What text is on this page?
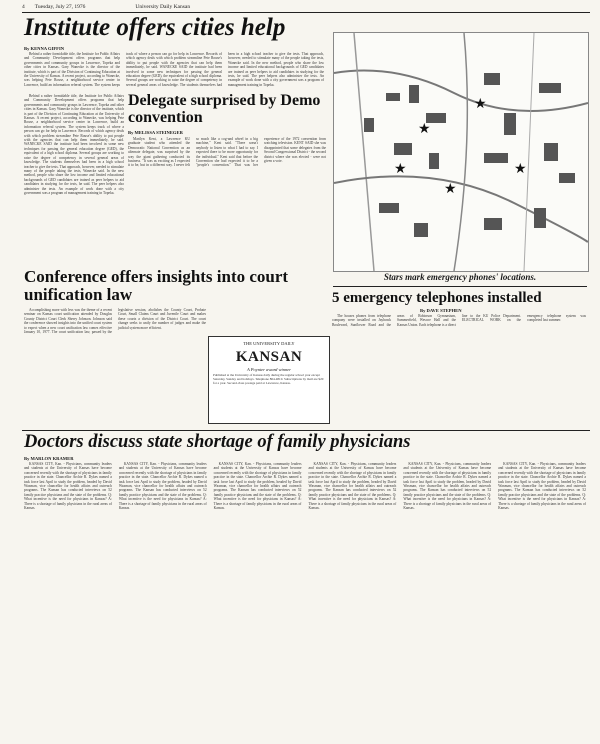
4 Tuesday, July 27, 1976	University Daily Kansan
Institute offers cities help
By KENNA GIFFIN

Behind a rather formidable title, the Institute for Public Affairs and Community Development offers programs that help governments and community groups in Lawrence, Topeka and other cities in Kansas. Gary Wanecke is the director of the institute, which is part of the Division of Continuing Education at the University of Kansas. A recent project, according to Wanecke, was helping Pete Rouse, a neighborhood service center in Lawrence, build an information referral system. The system keeps track of where a person can go for help in Lawrence. Records of which agency deals with which problem streamline Pete Rouse's ability to put people with the agencies that can help them immediately, he said. WANECKE SAID the institute had been involved in some new techniques for passing the general education degree (GED), the equivalent of a high school diploma. Several groups are working to raise the degree of competency in several general areas of knowledge. The students themselves had been in a high school teacher to give the tests. That approach, however, needed to stimulate many of the people taking the tests, Wanecke said. In the new method, people who share the low income and limited educational backgrounds of GED candidates are trained as peer helpers to aid candidates in studying for the tests, he said. The peer helpers also administer the tests. An example of work done with a city government was a program of management training in Topeka.

Delegate surprised by Demo convention
By MELISSA STEINEGER

Behind a rather formidable title, the Institute for Public Affairs and Community Development offers programs that help governments and community groups in Lawrence, Topeka and other cities in Kansas. Gary Wanecke is the director of the institute, which is part of the Division of Continuing Education at the University of Kansas. A recent project, according to Wanecke, was helping Pete Rouse, a neighborhood service center in Lawrence, build an information referral system. The system keeps track of where a person can go for help in Lawrence. Records of which agency deals with which problem streamline Pete Rouse's ability to put people with the agencies that can help them immediately, he said. WANECKE SAID the institute had been involved in some new techniques for passing the general education degree (GED), the equivalent of a high school diploma. Several groups are working to raise the degree of competency in several general areas of knowledge. The students themselves had been in a high school teacher to give the tests. That approach, however, needed to stimulate many of the people taking the tests, Wanecke said. In the new method, people who share the low income and limited educational backgrounds of GED candidates are trained as peer helpers to aid candidates in studying for the tests, he said. The peer helpers also administer the tests. An example of work done with a city government was a program of management training in Topeka.

Marilyn Kent, a Lawrence KU graduate student who attended the Democratic National Convention as an alternate delegate, was surprised by the way the giant gathering conducted its business. "It was as exciting as I expected it to be, but in a different way. I never felt so much like a cog-and wheel in a big machine," Kent said. "There wasn't anybody to listen to what I had to say. I expected there to be more opportunity for the individual." Kent said that before the Convention she had expected it to be a "people's convention." That was her experience of the 1972 convention from watching television. KENT SAID she was disappointed that some delegates from the Second Congressional District - the second district where she was elected - were not given a vote.

★
★
★
★
★
Stars mark emergency phones' locations.
Conference offers insights into court unification law

Accomplishing more with less was the theme of a recent seminar on Kansas court unification attended by Douglas County District Court Clerk Sherry Johnson. Johnson said the conference showed insights into the unified court system to expect when a new court unification law comes effective January 10, 1977. The court unification law, passed by the legislative session, abolishes the County Court, Probate Court, Small Claims Court and Juvenile Court and makes these courts a division of the District Court. The court change seeks to unify the number of judges and make the judicial system more efficient.

THE UNIVERSITY DAILY
KANSAN
A Poynter award winner
Published at the University of Kansas daily during the regular school year except Saturday, Sunday and holidays. Telephone 864-4810. Subscriptions by mail are $20 for a year. Second-class postage paid at Lawrence, Kansas.
5 emergency telephones installed
By DAVE STEPHEN

The houses phones from telephone company were installed on Jayhawk Boulevard, Sunflower Road and the areas of Robinson Gymnasium, Summerfield, Wescoe Hall and the Kansas Union. Each telephone is a direct line to the KU Police Department. ELECTRICAL WORK on the emergency telephone system was completed last summer.

Doctors discuss state shortage of family physicians
By MARLON KRAMER

KANSAS CITY, Kan. - Physicians, community leaders and students at the University of Kansas have become concerned recently with the shortage of physicians in family practice in the state. Chancellor Archie R. Dykes named a task force last April to study the problem, headed by David Waxman, vice chancellor for health affairs and outreach programs. The Kansan has conducted interviews on 52 family practice physicians and the state of the problems. Q: What incentive is the need for physicians in Kansas? A: There is a shortage of family physicians in the rural areas of Kansas.

KANSAS CITY, Kan. - Physicians, community leaders and students at the University of Kansas have become concerned recently with the shortage of physicians in family practice in the state. Chancellor Archie R. Dykes named a task force last April to study the problem, headed by David Waxman, vice chancellor for health affairs and outreach programs. The Kansan has conducted interviews on 52 family practice physicians and the state of the problems. Q: What incentive is the need for physicians in Kansas? A: There is a shortage of family physicians in the rural areas of Kansas.

KANSAS CITY, Kan. - Physicians, community leaders and students at the University of Kansas have become concerned recently with the shortage of physicians in family practice in the state. Chancellor Archie R. Dykes named a task force last April to study the problem, headed by David Waxman, vice chancellor for health affairs and outreach programs. The Kansan has conducted interviews on 52 family practice physicians and the state of the problems. Q: What incentive is the need for physicians in Kansas? A: There is a shortage of family physicians in the rural areas of Kansas.

KANSAS CITY, Kan. - Physicians, community leaders and students at the University of Kansas have become concerned recently with the shortage of physicians in family practice in the state. Chancellor Archie R. Dykes named a task force last April to study the problem, headed by David Waxman, vice chancellor for health affairs and outreach programs. The Kansan has conducted interviews on 52 family practice physicians and the state of the problems. Q: What incentive is the need for physicians in Kansas? A: There is a shortage of family physicians in the rural areas of Kansas.

KANSAS CITY, Kan. - Physicians, community leaders and students at the University of Kansas have become concerned recently with the shortage of physicians in family practice in the state. Chancellor Archie R. Dykes named a task force last April to study the problem, headed by David Waxman, vice chancellor for health affairs and outreach programs. The Kansan has conducted interviews on 52 family practice physicians and the state of the problems. Q: What incentive is the need for physicians in Kansas? A: There is a shortage of family physicians in the rural areas of Kansas.

KANSAS CITY, Kan. - Physicians, community leaders and students at the University of Kansas have become concerned recently with the shortage of physicians in family practice in the state. Chancellor Archie R. Dykes named a task force last April to study the problem, headed by David Waxman, vice chancellor for health affairs and outreach programs. The Kansan has conducted interviews on 52 family practice physicians and the state of the problems. Q: What incentive is the need for physicians in Kansas? A: There is a shortage of family physicians in the rural areas of Kansas.
